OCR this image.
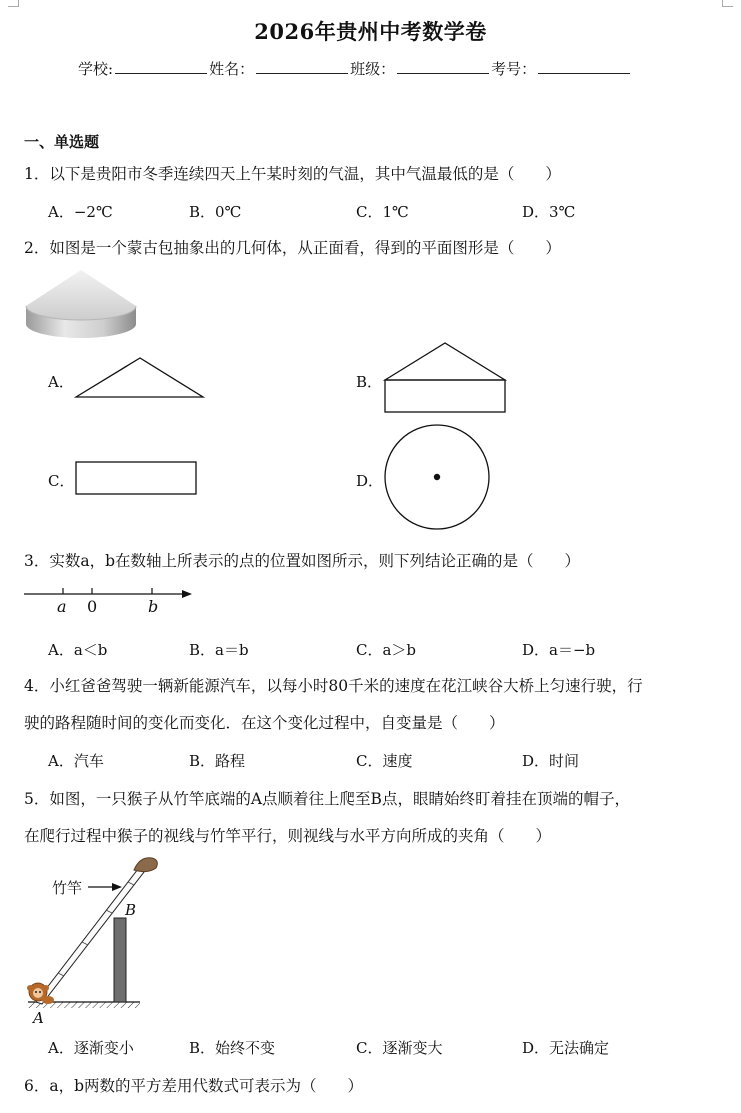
2026年贵州中考数学卷
学校:	姓名：	班级：	考号：
一、单选题
1．以下是贵阳市冬季连续四天上午某时刻的气温，其中气温最低的是（　　）
A．−2℃	B．0℃	C．1℃	D．3℃
2．如图是一个蒙古包抽象出的几何体，从正面看，得到的平面图形是（　　）
A．	B．
C．	D．
3．实数a，b在数轴上所表示的点的位置如图所示，则下列结论正确的是（　　）
a 0	b
A．a＜b	B．a＝b	C．a＞b	D．a＝−b
4．小红爸爸驾驶一辆新能源汽车，以每小时80千米的速度在花江峡谷大桥上匀速行驶，行
驶的路程随时间的变化而变化．在这个变化过程中，自变量是（　　）
A．汽车	B．路程	C．速度	D．时间
5．如图，一只猴子从竹竿底端的A点顺着往上爬至B点，眼睛始终盯着挂在顶端的帽子，
在爬行过程中猴子的视线与竹竿平行，则视线与水平方向所成的夹角（　　）
竹竿
B
A
A．逐渐变小	B．始终不变	C．逐渐变大	D．无法确定
6．a，b两数的平方差用代数式可表示为（　　）
